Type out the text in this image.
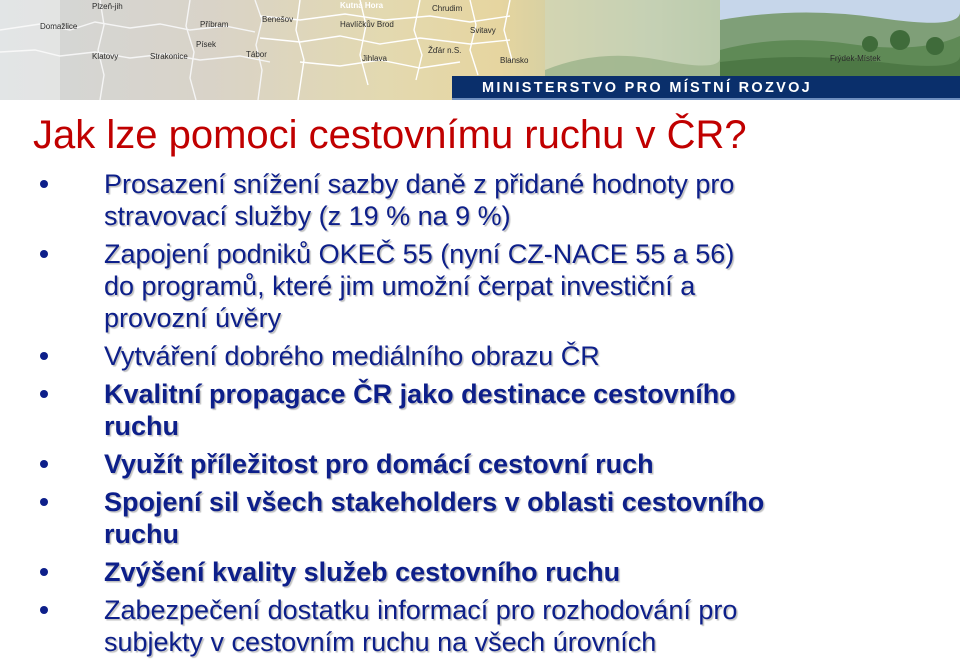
Plzeň-jih
Domažlice
Klatovy
Příbram
Písek
Strakonice
Benešov
Tábor
Kutná Hora
Havlíčkův Brod
Jihlava
Chrudim
Svitavy
Žďár n.S.
Blansko	Frýdek-Místek
MINISTERSTVO PRO MÍSTNÍ ROZVOJ
Jak lze pomoci cestovnímu ruchu v ČR?
Prosazení snížení sazby daně z přidané hodnoty pro
stravovací služby (z 19 % na 9 %)
Zapojení podniků OKEČ 55 (nyní CZ-NACE 55 a 56)
do programů, které jim umožní čerpat investiční a
provozní úvěry
Vytváření dobrého mediálního obrazu ČR
Kvalitní propagace ČR jako destinace cestovního
ruchu
Využít příležitost pro domácí cestovní ruch
Spojení sil všech stakeholders v oblasti cestovního
ruchu
Zvýšení kvality služeb cestovního ruchu
Zabezpečení dostatku informací pro rozhodování pro
subjekty v cestovním ruchu na všech úrovních
